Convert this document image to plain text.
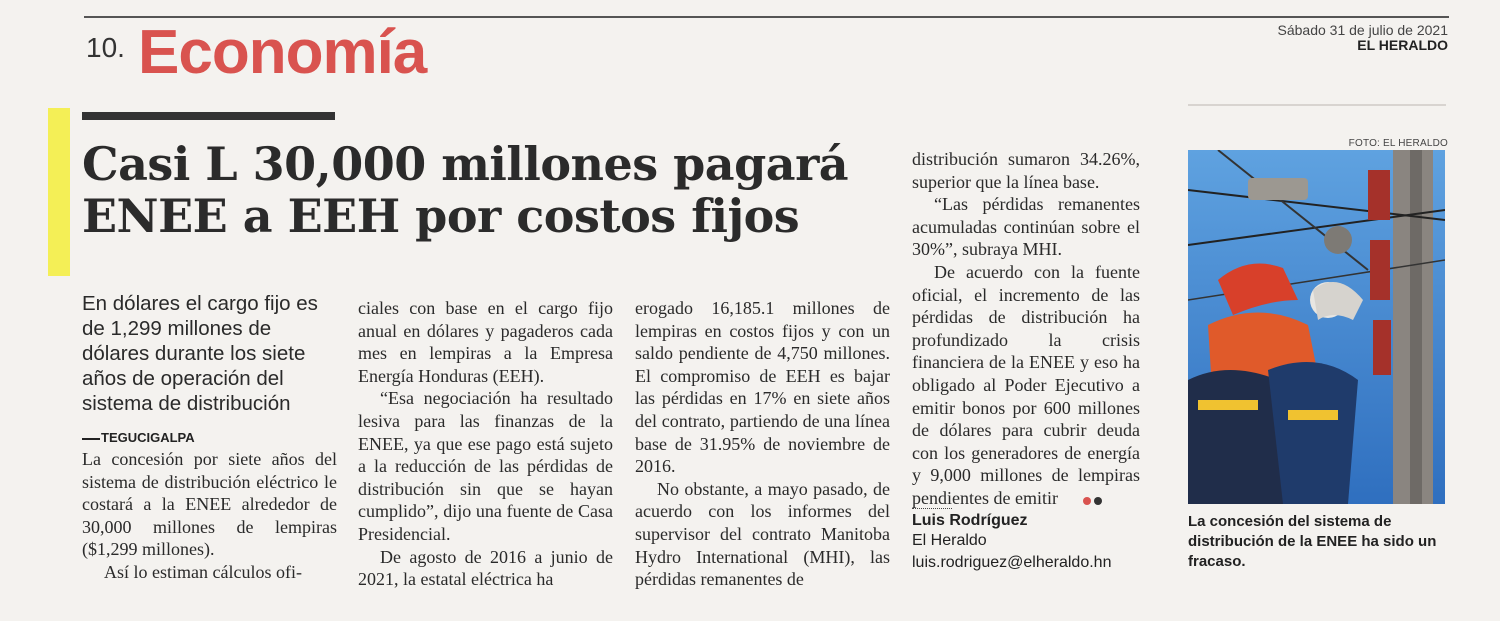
10. Economía	Sábado 31 de julio de 2021
EL HERALDO
Casi L 30,000 millones pagará
ENEE a EEH por costos fijos
En dólares el cargo fijo es de 1,299 millones de dólares durante los siete años de operación del sistema de distribución
TEGUCIGALPA

La concesión por siete años del sistema de distribución eléctrico le costará a la ENEE alrededor de 30,000 millones de lempiras ($1,299 millones).

Así lo estiman cálculos ofi-

ciales con base en el cargo fijo anual en dólares y pagaderos cada mes en lempiras a la Empresa Energía Honduras (EEH).

“Esa negociación ha resultado lesiva para las finanzas de la ENEE, ya que ese pago está sujeto a la reducción de las pérdidas de distribución sin que se hayan cumplido”, dijo una fuente de Casa Presidencial.

De agosto de 2016 a junio de 2021, la estatal eléctrica ha

erogado 16,185.1 millones de lempiras en costos fijos y con un saldo pendiente de 4,750 millones. El compromiso de EEH es bajar las pérdidas en 17% en siete años del contrato, partiendo de una línea base de 31.95% de noviembre de 2016.

No obstante, a mayo pasado, de acuerdo con los informes del supervisor del contrato Manitoba Hydro International (MHI), las pérdidas remanentes de

distribución sumaron 34.26%, superior que la línea base.

“Las pérdidas remanentes acumuladas continúan sobre el 30%”, subraya MHI.

De acuerdo con la fuente oficial, el incremento de las pérdidas de distribución ha profundizado la crisis financiera de la ENEE y eso ha obligado al Poder Ejecutivo a emitir bonos por 600 millones de dólares para cubrir deuda con los generadores de energía y 9,000 millones de lempiras pendientes de emitir

Luis Rodríguez
El Heraldo
luis.rodriguez@elheraldo.hn
FOTO: EL HERALDO
La concesión del sistema de distribución de la ENEE ha sido un fracaso.
